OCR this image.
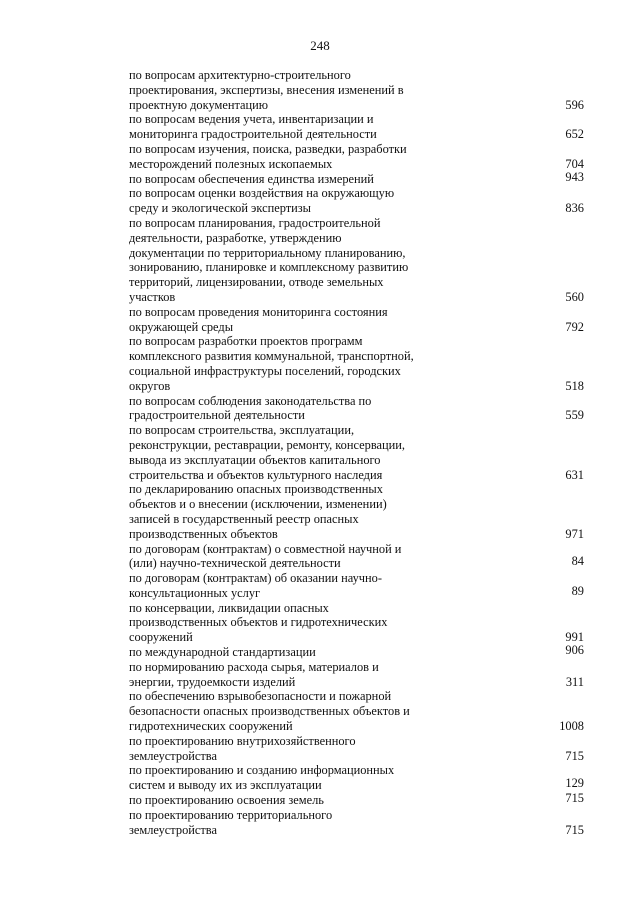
248
по вопросам архитектурно-строительного
проектирования, экспертизы, внесения изменений в
проектную документацию	596
по вопросам ведения учета, инвентаризации и
мониторинга градостроительной деятельности	652
по вопросам изучения, поиска, разведки, разработки
месторождений полезных ископаемых	704
по вопросам обеспечения единства измерений	943
по вопросам оценки воздействия на окружающую
среду и экологической экспертизы	836
по вопросам планирования, градостроительной
деятельности, разработке, утверждению
документации по территориальному планированию,
зонированию, планировке и комплексному развитию
территорий, лицензировании, отводе земельных
участков	560
по вопросам проведения мониторинга состояния
окружающей среды	792
по вопросам разработки проектов программ
комплексного развития коммунальной, транспортной,
социальной инфраструктуры поселений, городских
округов	518
по вопросам соблюдения законодательства по
градостроительной деятельности	559
по вопросам строительства, эксплуатации,
реконструкции, реставрации, ремонту, консервации,
вывода из эксплуатации объектов капитального
строительства и объектов культурного наследия	631
по декларированию опасных производственных
объектов и о внесении (исключении, изменении)
записей в государственный реестр опасных
производственных объектов	971
по договорам (контрактам) о совместной научной и
(или) научно-технической деятельности	84
по договорам (контрактам) об оказании научно-
консультационных услуг	89
по консервации, ликвидации опасных
производственных объектов и гидротехнических
сооружений	991
по международной стандартизации	906
по нормированию расхода сырья, материалов и
энергии, трудоемкости изделий	311
по обеспечению взрывобезопасности и пожарной
безопасности опасных производственных объектов и
гидротехнических сооружений	1008
по проектированию внутрихозяйственного
землеустройства	715
по проектированию и созданию информационных
систем и выводу их из эксплуатации	129
по проектированию освоения земель	715
по проектированию территориального
землеустройства	715
